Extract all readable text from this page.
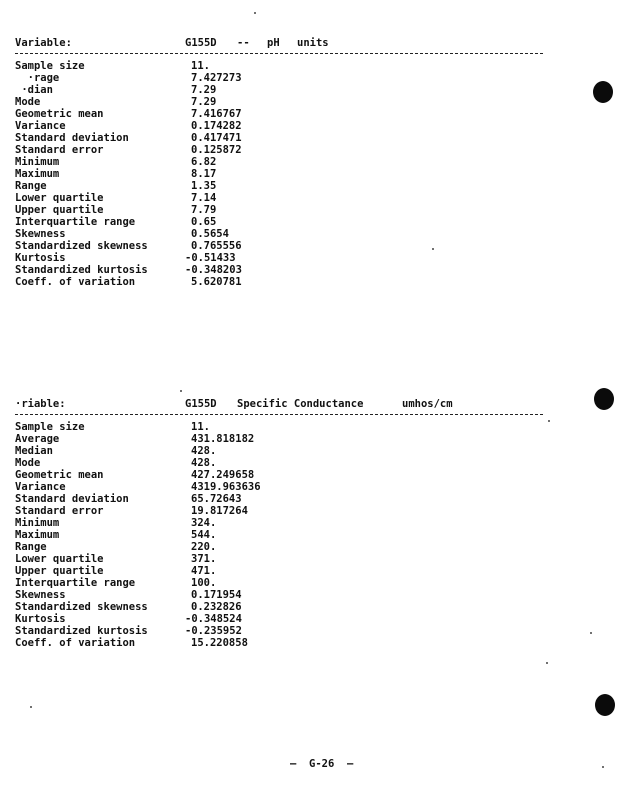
Variable:

	G155D

--

pH

units

Sample size	11.
·rage	7.427273
·dian	7.29
Mode	7.29
Geometric mean	7.416767
Variance	0.174282
Standard deviation	0.417471
Standard error	0.125872
Minimum	6.82
Maximum	8.17
Range	1.35
Lower quartile	7.14
Upper quartile	7.79
Interquartile range	0.65
Skewness	0.5654
Standardized skewness	0.765556
Kurtosis	-0.51433
Standardized kurtosis	-0.348203
Coeff. of variation	5.620781

·riable:

	G155D

Specific Conductance

	umhos/cm

Sample size	11.
Average	431.818182
Median	428.
Mode	428.
Geometric mean	427.249658
Variance	4319.963636
Standard deviation	65.72643
Standard error	19.817264
Minimum	324.
Maximum	544.
Range	220.
Lower quartile	371.
Upper quartile	471.
Interquartile range	100.
Skewness	0.171954
Standardized skewness	0.232826
Kurtosis	-0.348524
Standardized kurtosis	-0.235952
Coeff. of variation	15.220858

—  G-26  —
